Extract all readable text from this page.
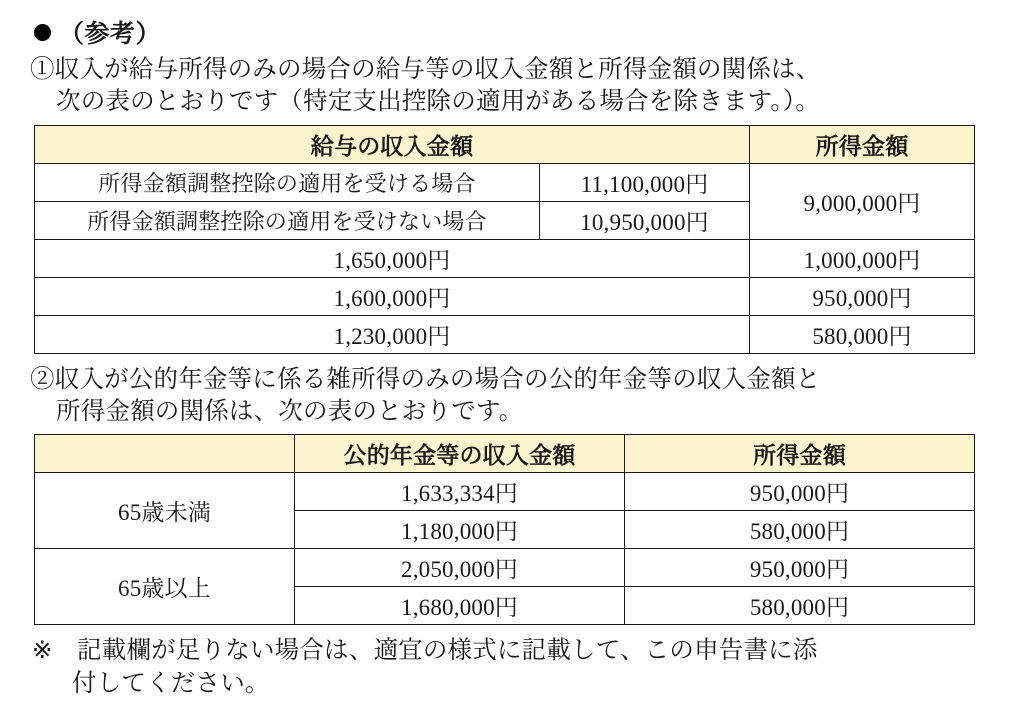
（参考）

①収入が給与所得のみの場合の給与等の収入金額と所得金額の関係は、
次の表のとおりです（特定支出控除の適用がある場合を除きます。）。

給与の収入金額		所得金額
所得金額調整控除の適用を受ける場合	11,100,000円	9,000,000円
所得金額調整控除の適用を受けない場合	10,950,000円	
1,650,000円		1,000,000円
1,600,000円		950,000円
1,230,000円		580,000円

②収入が公的年金等に係る雑所得のみの場合の公的年金等の収入金額と
所得金額の関係は、次の表のとおりです。

	公的年金等の収入金額	所得金額
65歳未満	1,633,334円	950,000円
	1,180,000円	580,000円
65歳以上	2,050,000円	950,000円
	1,680,000円	580,000円

※ 記載欄が足りない場合は、適宜の様式に記載して、この申告書に添
付してください。
